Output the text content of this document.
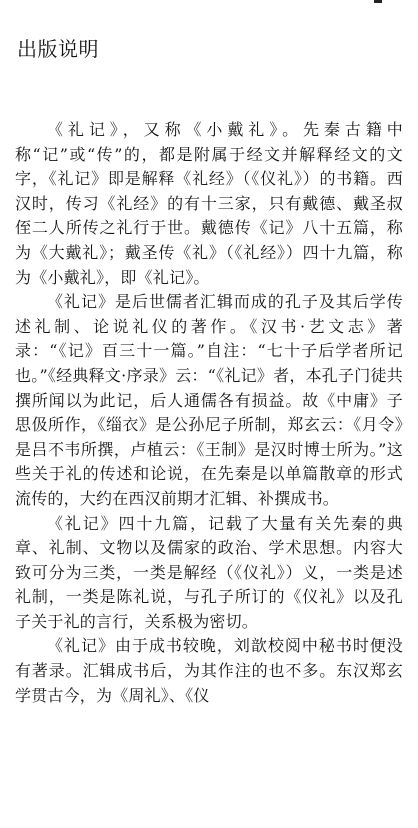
出版说明

《礼记》，又称《小戴礼》。先秦古籍中称“记”或“传”的，都是附属于经文并解释经文的文字，《礼记》即是解释《礼经》（《仪礼》）的书籍。西汉时，传习《礼经》的有十三家，只有戴德、戴圣叔侄二人所传之礼行于世。戴德传《记》八十五篇，称为《大戴礼》；戴圣传《礼》（《礼经》）四十九篇，称为《小戴礼》，即《礼记》。

《礼记》是后世儒者汇辑而成的孔子及其后学传述礼制、论说礼仪的著作。《汉书·艺文志》著录：“《记》百三十一篇。”自注：“七十子后学者所记也。”《经典释文·序录》云：“《礼记》者，本孔子门徒共撰所闻以为此记，后人通儒各有损益。故《中庸》子思伋所作，《缁衣》是公孙尼子所制，郑玄云：《月令》是吕不韦所撰，卢植云：《王制》是汉时博士所为。”这些关于礼的传述和论说，在先秦是以单篇散章的形式流传的，大约在西汉前期才汇辑、补撰成书。

《礼记》四十九篇，记载了大量有关先秦的典章、礼制、文物以及儒家的政治、学术思想。内容大致可分为三类，一类是解经（《仪礼》）义，一类是述礼制，一类是陈礼说，与孔子所订的《仪礼》以及孔子关于礼的言行，关系极为密切。

《礼记》由于成书较晚，刘歆校阅中秘书时便没有著录。汇辑成书后，为其作注的也不多。东汉郑玄学贯古今，为《周礼》、《仪
